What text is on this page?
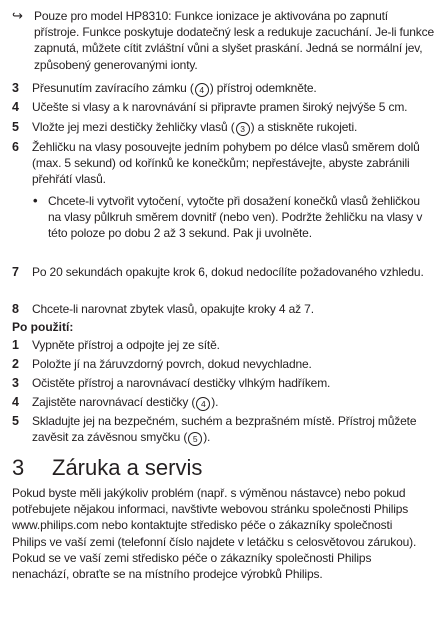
↪ Pouze pro model HP8310: Funkce ionizace je aktivována po zapnutí přístroje. Funkce poskytuje dodatečný lesk a redukuje zacuchání. Je-li funkce zapnutá, můžete cítit zvláštní vůni a slyšet praskání. Jedná se normální jev, způsobený generovanými ionty.
3 Přesunutím zavíracího zámku ( 4 ) přístroj odemkněte.
4 Učešte si vlasy a k narovnávání si připravte pramen široký nejvýše 5 cm.
5 Vložte jej mezi destičky žehličky vlasů ( 3 ) a stiskněte rukojeti.
6 Žehličku na vlasy posouvejte jedním pohybem po délce vlasů směrem dolů (max. 5 sekund) od kořínků ke konečkům; nepřestávejte, abyste zabránili přehřátí vlasů.
• Chcete-li vytvořit vytočení, vytočte při dosažení konečků vlasů žehličkou na vlasy půlkruh směrem dovnitř (nebo ven). Podržte žehličku na vlasy v této poloze po dobu 2 až 3 sekund. Pak ji uvolněte.
7 Po 20 sekundách opakujte krok 6, dokud nedocílíte požadovaného vzhledu.
8 Chcete-li narovnat zbytek vlasů, opakujte kroky 4 až 7.
Po použití:
1 Vypněte přístroj a odpojte jej ze sítě.
2 Položte jí na žáruvzdorný povrch, dokud nevychladne.
3 Očistěte přístroj a narovnávací destičky vlhkým hadříkem.
4 Zajistěte narovnávací destičky ( 4 ).
5 Skladujte jej na bezpečném, suchém a bezprašném místě. Přístroj můžete zavěsit za závěsnou smyčku ( 5 ).
3 Záruka a servis
Pokud byste měli jakýkoliv problém (např. s výměnou nástavce) nebo pokud potřebujete nějakou informaci, navštivte webovou stránku společnosti Philips www.philips.com nebo kontaktujte středisko péče o zákazníky společnosti Philips ve vaší zemi (telefonní číslo najdete v letáčku s celosvětovou zárukou). Pokud se ve vaší zemi středisko péče o zákazníky společnosti Philips nenachází, obraťte se na místního prodejce výrobků Philips.
